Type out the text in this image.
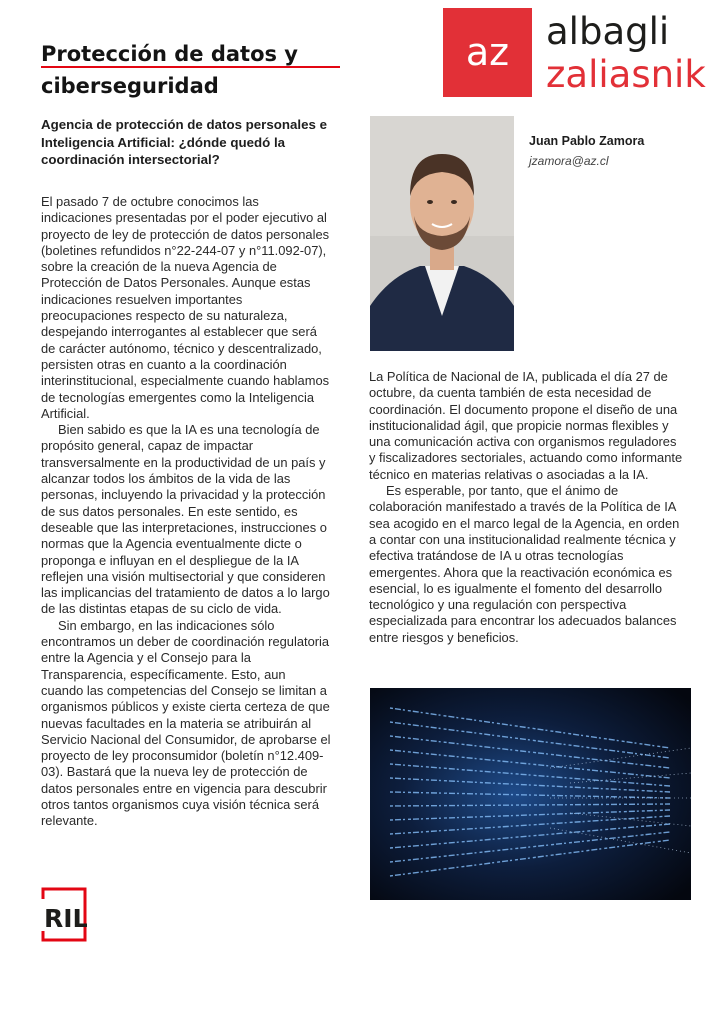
Protección de datos y
ciberseguridad
az albagli
zaliasnik
Agencia de protección de datos personales e Inteligencia Artificial: ¿dónde quedó la coordinación intersectorial?

El pasado 7 de octubre conocimos las indicaciones presentadas por el poder ejecutivo al proyecto de ley de protección de datos personales (boletines refundidos n°22-244-07 y n°11.092-07), sobre la creación de la nueva Agencia de Protección de Datos Personales. Aunque estas indicaciones resuelven importantes preocupaciones respecto de su naturaleza, despejando interrogantes al establecer que será de carácter autónomo, técnico y descentralizado, persisten otras en cuanto a la coordinación interinstitucional, especialmente cuando hablamos de tecnologías emergentes como la Inteligencia Artificial.

Bien sabido es que la IA es una tecnología de propósito general, capaz de impactar transversalmente en la productividad de un país y alcanzar todos los ámbitos de la vida de las personas, incluyendo la privacidad y la protección de sus datos personales. En este sentido, es deseable que las interpretaciones, instrucciones o normas que la Agencia eventualmente dicte o proponga e influyan en el despliegue de la IA reflejen una visión multisectorial y que consideren las implicancias del tratamiento de datos a lo largo de las distintas etapas de su ciclo de vida.

Sin embargo, en las indicaciones sólo encontramos un deber de coordinación regulatoria entre la Agencia y el Consejo para la Transparencia, específicamente. Esto, aun cuando las competencias del Consejo se limitan a organismos públicos y existe cierta certeza de que nuevas facultades en la materia se atribuirán al Servicio Nacional del Consumidor, de aprobarse el proyecto de ley proconsumidor (boletín n°12.409-03). Bastará que la nueva ley de protección de datos personales entre en vigencia para descubrir otros tantos organismos cuya visión técnica será relevante.

Juan Pablo Zamora
jzamora@az.cl

La Política de Nacional de IA, publicada el día 27 de octubre, da cuenta también de esta necesidad de coordinación. El documento propone el diseño de una institucionalidad ágil, que propicie normas flexibles y una comunicación activa con organismos reguladores y fiscalizadores sectoriales, actuando como informante técnico en materias relativas o asociadas a la IA.

Es esperable, por tanto, que el ánimo de colaboración manifestado a través de la Política de IA sea acogido en el marco legal de la Agencia, en orden a contar con una institucionalidad realmente técnica y efectiva tratándose de IA u otras tecnologías emergentes. Ahora que la reactivación económica es esencial, lo es igualmente el fomento del desarrollo tecnológico y una regulación con perspectiva especializada para encontrar los adecuados balances entre riesgos y beneficios.

RIL
